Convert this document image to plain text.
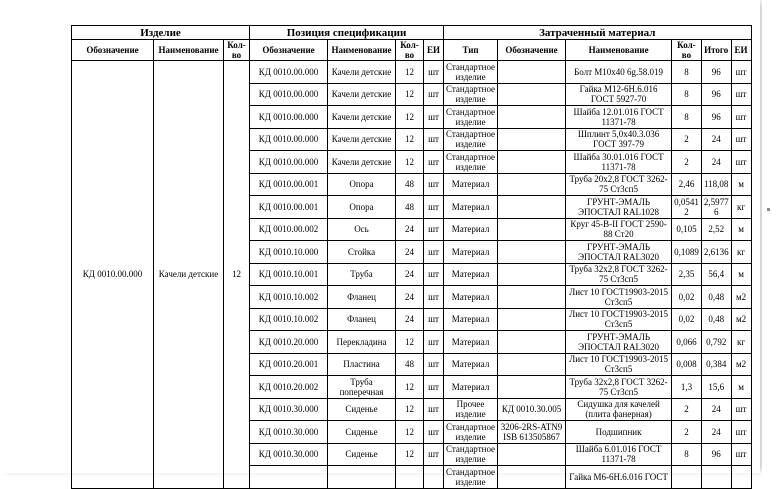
Изделие			Позиция спецификации				Затраченный материал					
Обозначение	Наименование	Кол-во	Обозначение	Наименование	Кол-во	ЕИ	Тип	Обозначение	Наименование	Кол-во	Итого	ЕИ
КД 0010.00.000	Качели детские	12	КД 0010.00.000	Качели детские	12	шт	Стандартное изделие		Болт М10х40 6g.58.019	8	96	шт
			КД 0010.00.000	Качели детские	12	шт	Стандартное изделие		Гайка М12-6Н.6.016 ГОСТ 5927-70	8	96	шт
			КД 0010.00.000	Качели детские	12	шт	Стандартное изделие		Шайба 12.01.016 ГОСТ 11371-78	8	96	шт
			КД 0010.00.000	Качели детские	12	шт	Стандартное изделие		Шплинт 5,0х40.3.036 ГОСТ 397-79	2	24	шт
			КД 0010.00.000	Качели детские	12	шт	Стандартное изделие		Шайба 30.01.016 ГОСТ 11371-78	2	24	шт
			КД 0010.00.001	Опора	48	шт	Материал		Труба 20х2,8 ГОСТ 3262-75 Ст3сп5	2,46	118,08	м
			КД 0010.00.001	Опора	48	шт	Материал		ГРУНТ-ЭМАЛЬ ЭПОСТАЛ RAL1028	0,0541 2	2,5977 6	кг
			КД 0010.00.002	Ось	24	шт	Материал		Круг 45-В-II ГОСТ 2590-88 Ст20	0,105	2,52	м
			КД 0010.10.000	Стойка	24	шт	Материал		ГРУНТ-ЭМАЛЬ ЭПОСТАЛ RAL3020	0,1089	2,6136	кг
			КД 0010.10.001	Труба	24	шт	Материал		Труба 32х2,8 ГОСТ 3262-75 Ст3сп5	2,35	56,4	м
			КД 0010.10.002	Фланец	24	шт	Материал		Лист 10 ГОСТ19903-2015 Ст3сп5	0,02	0,48	м2
			КД 0010.10.002	Фланец	24	шт	Материал		Лист 10 ГОСТ19903-2015 Ст3сп5	0,02	0,48	м2
			КД 0010.20.000	Перекладина	12	шт	Материал		ГРУНТ-ЭМАЛЬ ЭПОСТАЛ RAL3020	0,066	0,792	кг
			КД 0010.20.001	Пластина	48	шт	Материал		Лист 10 ГОСТ19903-2015 Ст3сп5	0,008	0,384	м2
			КД 0010.20.002	Труба поперечная	12	шт	Материал		Труба 32х2,8 ГОСТ 3262-75 Ст3сп5	1,3	15,6	м
			КД 0010.30.000	Сиденье	12	шт	Прочее изделие	КД 0010.30.005	Сидушка для качелей (плита фанерная)	2	24	шт
			КД 0010.30.000	Сиденье	12	шт	Стандартное изделие	3206-2RS-ATN9 ISB 613505867	Подшипник	2	24	шт
			КД 0010.30.000	Сиденье	12	шт	Стандартное изделие		Шайба 6.01.016 ГОСТ 11371-78	8	96	шт
							Стандартное изделие		Гайка М6-6Н.6.016 ГОСТ			
